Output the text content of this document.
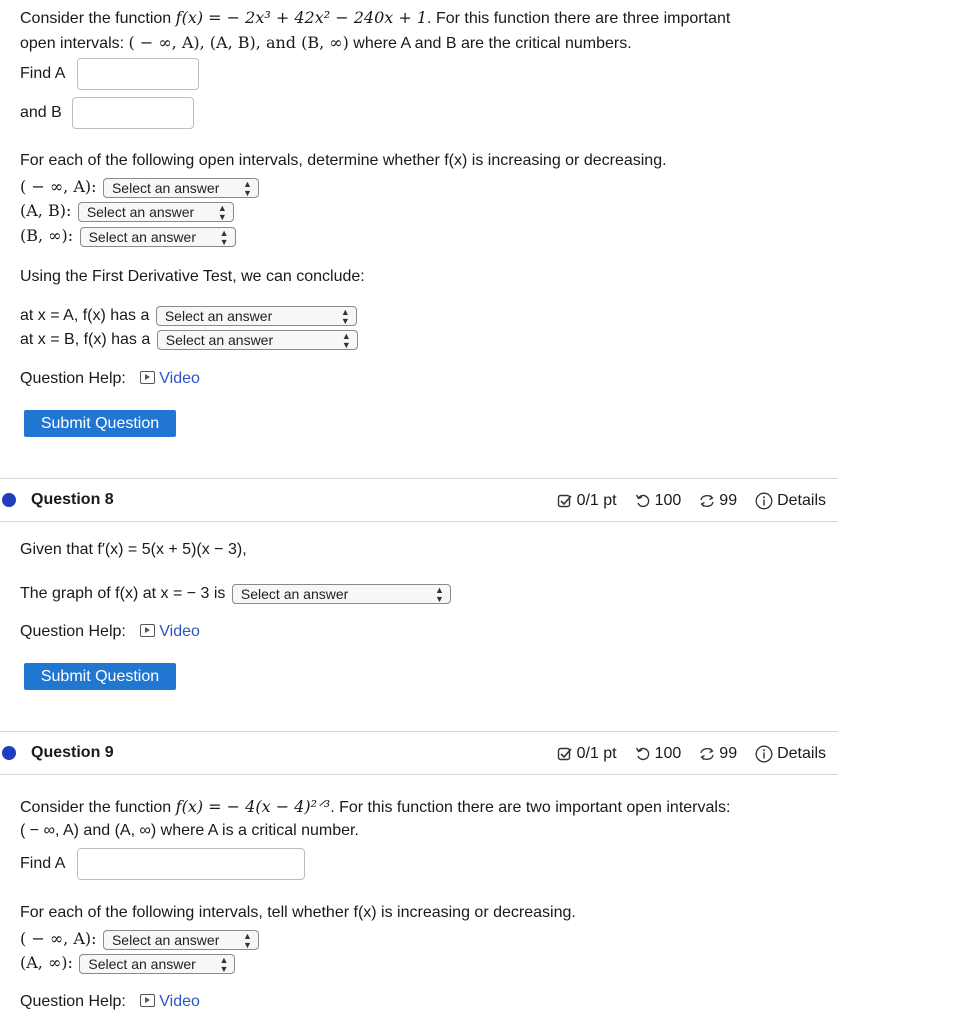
Consider the function f(x) = − 2x³ + 42x² − 240x + 1. For this function there are three important
open intervals: ( − ∞, A), (A, B), and (B, ∞) where A and B are the critical numbers.
Find A
and B
For each of the following open intervals, determine whether f(x) is increasing or decreasing.
( − ∞, A): Select an answer	▲
▼
(A, B): Select an answer	▲
▼
(B, ∞): Select an answer	▲
▼
Using the First Derivative Test, we can conclude:
at x = A, f(x) has a Select an answer	▲
▼
at x = B, f(x) has a Select an answer	▲
▼
Question Help: Video
Submit Question
Question 8	0/1 pt 100 99	Details
Given that f′(x) = 5(x + 5)(x − 3),
The graph of f(x) at x = − 3 is Select an answer	▲
▼
Question Help: Video
Submit Question
Question 9	0/1 pt 100 99	Details
Consider the function f(x) = − 4(x − 4)²ᐟ³. For this function there are two important open intervals:
( − ∞, A) and (A, ∞) where A is a critical number.
Find A
For each of the following intervals, tell whether f(x) is increasing or decreasing.
( − ∞, A): Select an answer	▲
▼
(A, ∞): Select an answer	▲
▼
Question Help: Video
